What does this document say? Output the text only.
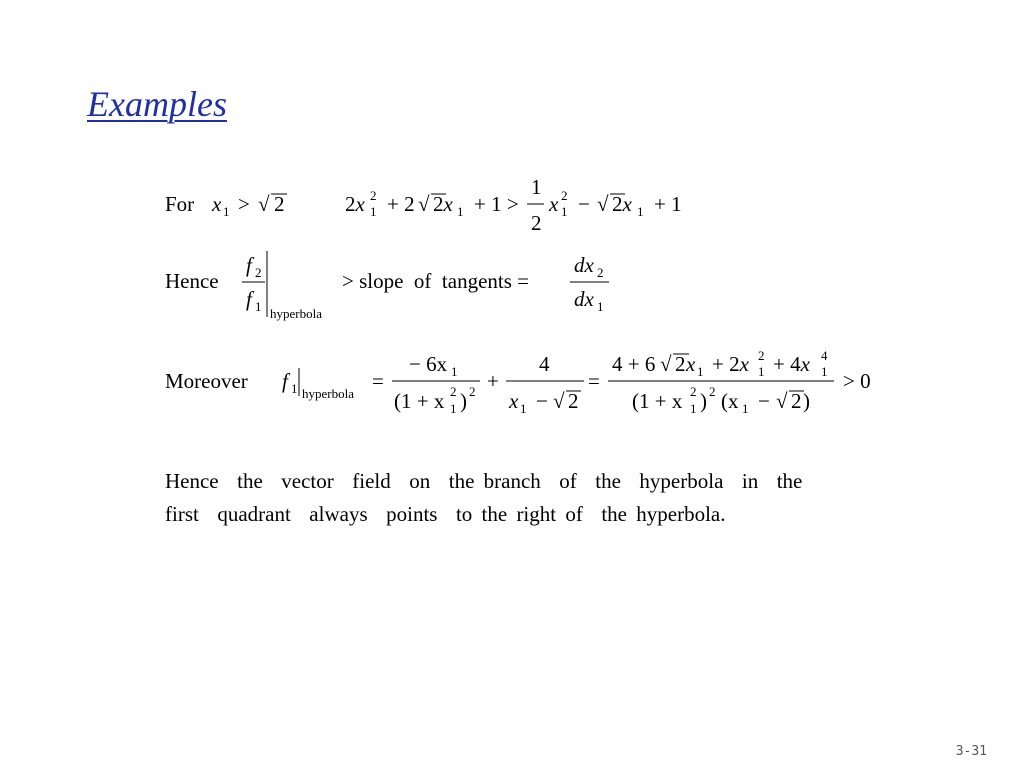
Examples
For x 1 > √ 2	2x 2
1 + 2 √ 2x 1 + 1 >
1
2
x 2
1 − √ 2x 1 + 1
Hence
f 2
f 1 hyperbola
> slope  of  tangents =
dx 2
dx 1
Moreover f 1 hyperbola
=
− 6x 1
(1 + x 2
1 ) 2 +
4
x 1 − √ 2
=
4 + 6 √ 2 x 1 + 2x 2
1 + 4x 4
1
(1 + x 2
1 ) 2 (x 1 − √ 2 )
> 0
Hence  the  vector  field  on  the branch  of  the  hyperbola  in  the
first  quadrant  always  points  to the right of  the hyperbola.
3-31
